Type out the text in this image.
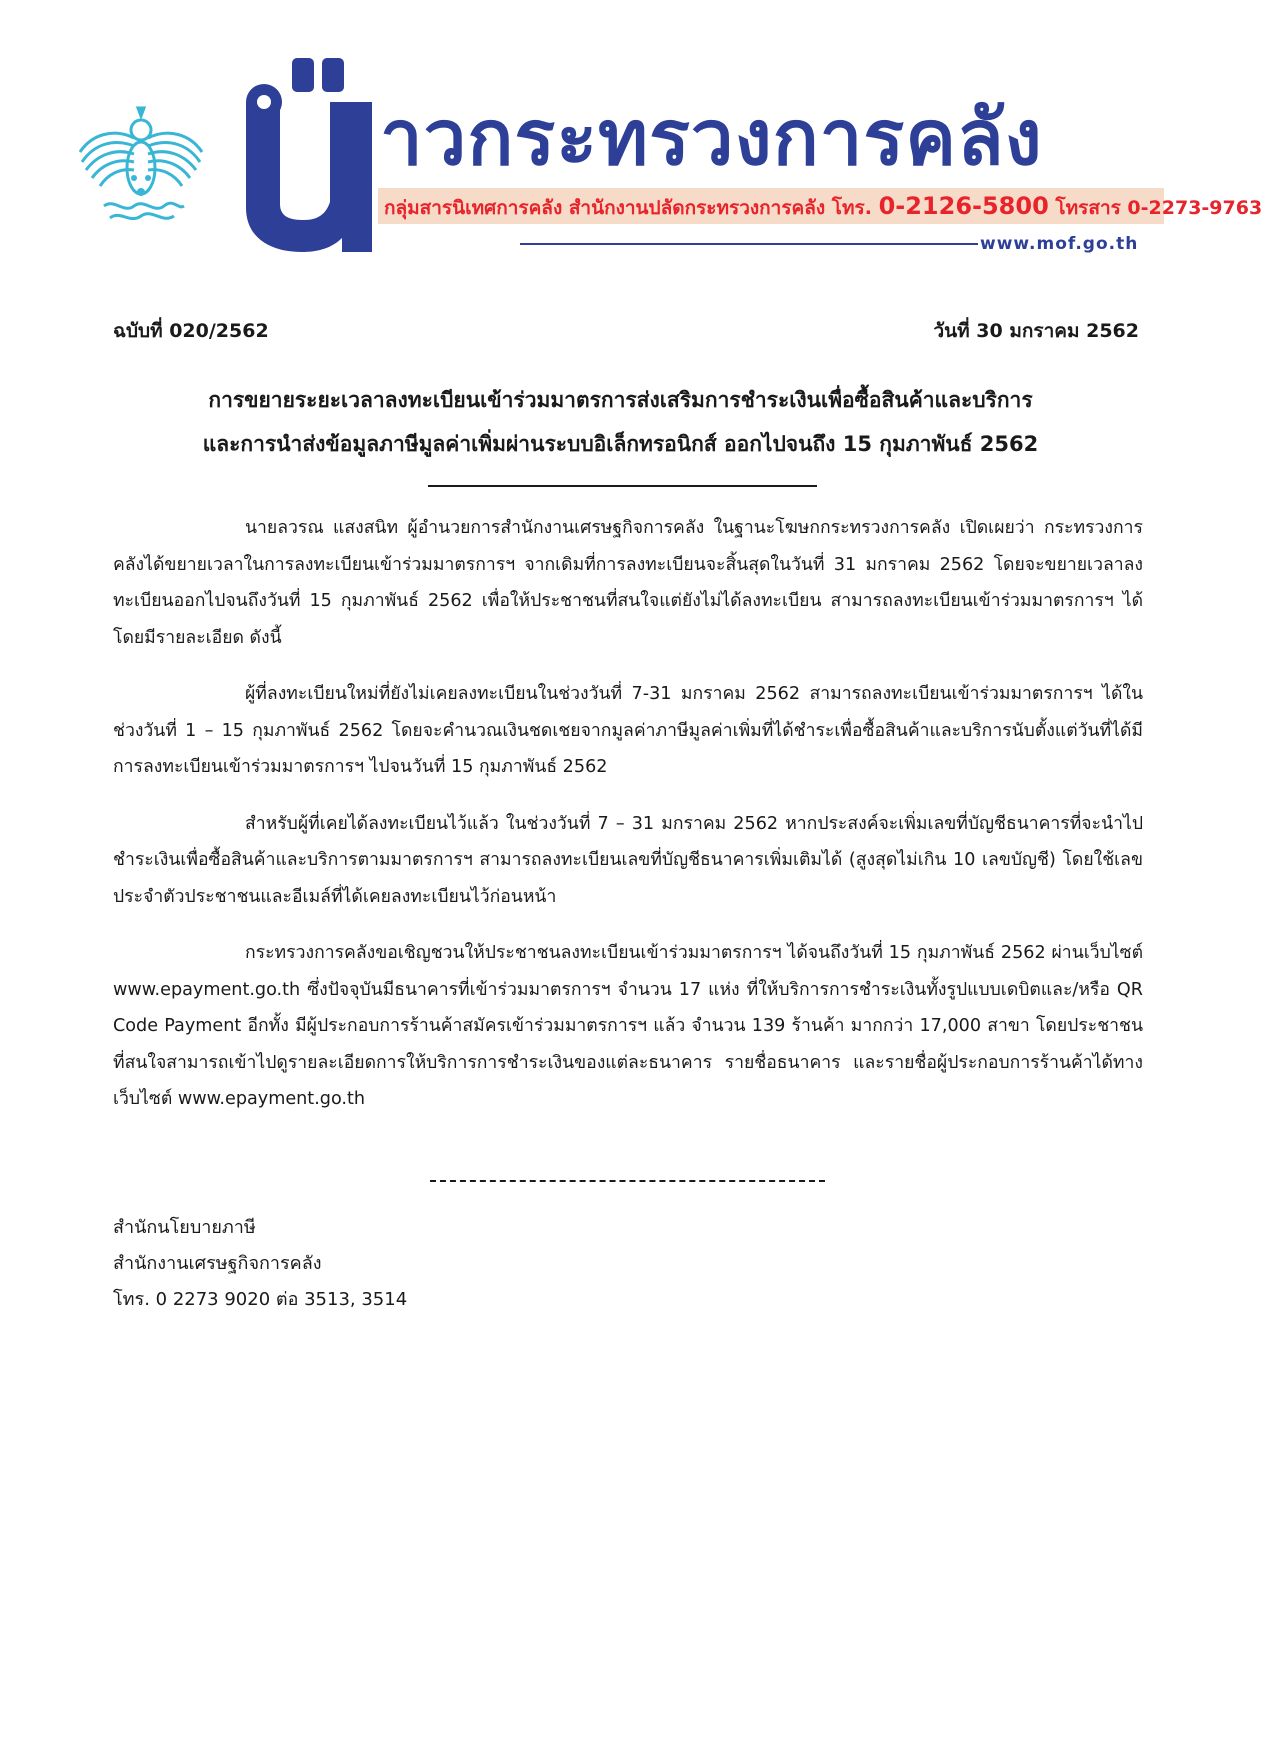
าวกระทรวงการคลัง
กลุ่มสารนิเทศการคลัง สำนักงานปลัดกระทรวงการคลัง โทร. 0-2126-5800 โทรสาร 0-2273-9763
www.mof.go.th
ฉบับที่ 020/2562	วันที่ 30 มกราคม 2562
การขยายระยะเวลาลงทะเบียนเข้าร่วมมาตรการส่งเสริมการชำระเงินเพื่อซื้อสินค้าและบริการ
และการนำส่งข้อมูลภาษีมูลค่าเพิ่มผ่านระบบอิเล็กทรอนิกส์ ออกไปจนถึง 15 กุมภาพันธ์ 2562

นายลวรณ แสงสนิท ผู้อำนวยการสำนักงานเศรษฐกิจการคลัง ในฐานะโฆษกกระทรวงการคลัง เปิดเผยว่า กระทรวงการคลังได้ขยายเวลาในการลงทะเบียนเข้าร่วมมาตรการฯ จากเดิมที่การลงทะเบียนจะสิ้นสุดในวันที่ 31 มกราคม 2562 โดยจะขยายเวลาลงทะเบียนออกไปจนถึงวันที่ 15 กุมภาพันธ์ 2562 เพื่อให้ประชาชนที่สนใจแต่ยังไม่ได้ลงทะเบียน สามารถลงทะเบียนเข้าร่วมมาตรการฯ ได้ โดยมีรายละเอียด ดังนี้

ผู้ที่ลงทะเบียนใหม่ที่ยังไม่เคยลงทะเบียนในช่วงวันที่ 7-31 มกราคม 2562 สามารถลงทะเบียนเข้าร่วมมาตรการฯ ได้ในช่วงวันที่ 1 – 15 กุมภาพันธ์ 2562 โดยจะคำนวณเงินชดเชยจากมูลค่าภาษีมูลค่าเพิ่มที่ได้ชำระเพื่อซื้อสินค้าและบริการนับตั้งแต่วันที่ได้มีการลงทะเบียนเข้าร่วมมาตรการฯ ไปจนวันที่ 15 กุมภาพันธ์ 2562

สำหรับผู้ที่เคยได้ลงทะเบียนไว้แล้ว ในช่วงวันที่ 7 – 31 มกราคม 2562 หากประสงค์จะเพิ่มเลขที่บัญชีธนาคารที่จะนำไปชำระเงินเพื่อซื้อสินค้าและบริการตามมาตรการฯ สามารถลงทะเบียนเลขที่บัญชีธนาคารเพิ่มเติมได้ (สูงสุดไม่เกิน 10 เลขบัญชี) โดยใช้เลขประจำตัวประชาชนและอีเมล์ที่ได้เคยลงทะเบียนไว้ก่อนหน้า

กระทรวงการคลังขอเชิญชวนให้ประชาชนลงทะเบียนเข้าร่วมมาตรการฯ ได้จนถึงวันที่ 15 กุมภาพันธ์ 2562 ผ่านเว็บไซต์ www.epayment.go.th ซึ่งปัจจุบันมีธนาคารที่เข้าร่วมมาตรการฯ จำนวน 17 แห่ง ที่ให้บริการการชำระเงินทั้งรูปแบบเดบิตและ/หรือ QR Code Payment อีกทั้ง มีผู้ประกอบการร้านค้าสมัครเข้าร่วมมาตรการฯ แล้ว จำนวน 139 ร้านค้า มากกว่า 17,000 สาขา โดยประชาชนที่สนใจสามารถเข้าไปดูรายละเอียดการให้บริการการชำระเงินของแต่ละธนาคาร รายชื่อธนาคาร และรายชื่อผู้ประกอบการร้านค้าได้ทางเว็บไซต์ www.epayment.go.th

สำนักนโยบายภาษี
สำนักงานเศรษฐกิจการคลัง
โทร. 0 2273 9020 ต่อ 3513, 3514
